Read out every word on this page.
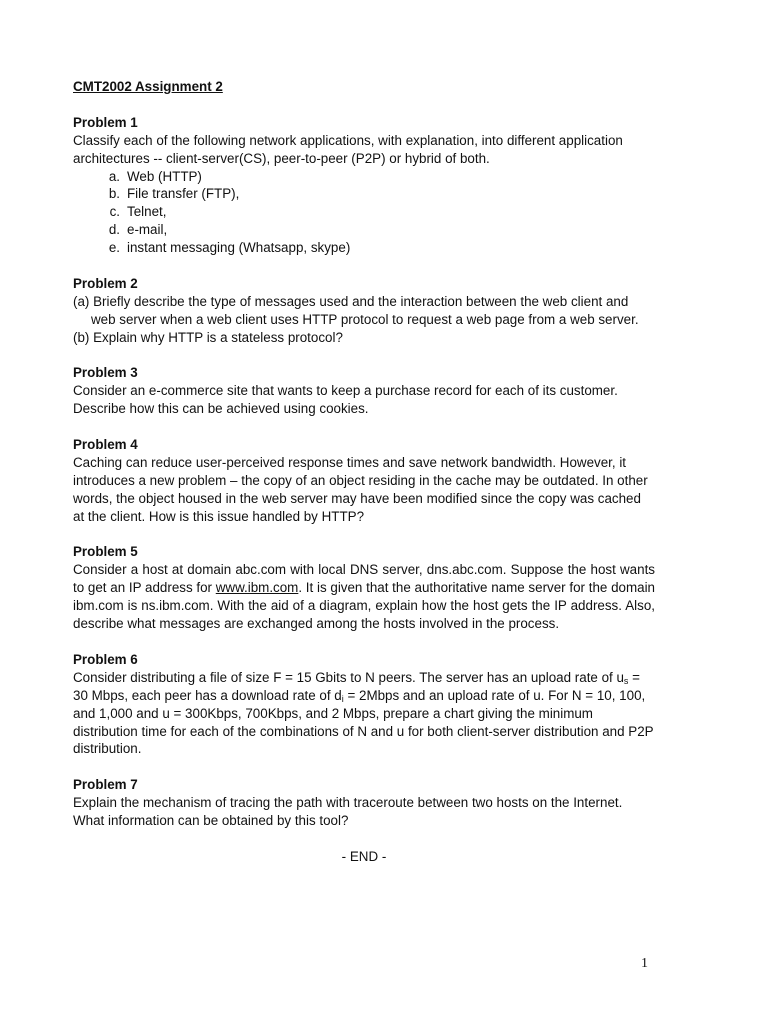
CMT2002 Assignment 2
Problem 1
Classify each of the following network applications, with explanation, into different application architectures -- client-server(CS), peer-to-peer (P2P) or hybrid of both.
a. Web (HTTP)
b. File transfer (FTP),
c. Telnet,
d. e-mail,
e. instant messaging (Whatsapp, skype)
Problem 2
(a) Briefly describe the type of messages used and the interaction between the web client and web server when a web client uses HTTP protocol to request a web page from a web server.
(b) Explain why HTTP is a stateless protocol?
Problem 3
Consider an e-commerce site that wants to keep a purchase record for each of its customer. Describe how this can be achieved using cookies.
Problem 4
Caching can reduce user-perceived response times and save network bandwidth. However, it introduces a new problem – the copy of an object residing in the cache may be outdated. In other words, the object housed in the web server may have been modified since the copy was cached at the client. How is this issue handled by HTTP?
Problem 5
Consider a host at domain abc.com with local DNS server, dns.abc.com. Suppose the host wants to get an IP address for www.ibm.com. It is given that the authoritative name server for the domain ibm.com is ns.ibm.com. With the aid of a diagram, explain how the host gets the IP address. Also, describe what messages are exchanged among the hosts involved in the process.
Problem 6
Consider distributing a file of size F = 15 Gbits to N peers. The server has an upload rate of $u_s = 30$ Mbps, each peer has a download rate of $d_i$ = 2Mbps and an upload rate of u. For N = 10, 100, and 1,000 and u = 300Kbps, 700Kbps, and 2 Mbps, prepare a chart giving the minimum distribution time for each of the combinations of N and u for both client-server distribution and P2P distribution.
Problem 7
Explain the mechanism of tracing the path with traceroute between two hosts on the Internet. What information can be obtained by this tool?
- END -
1
